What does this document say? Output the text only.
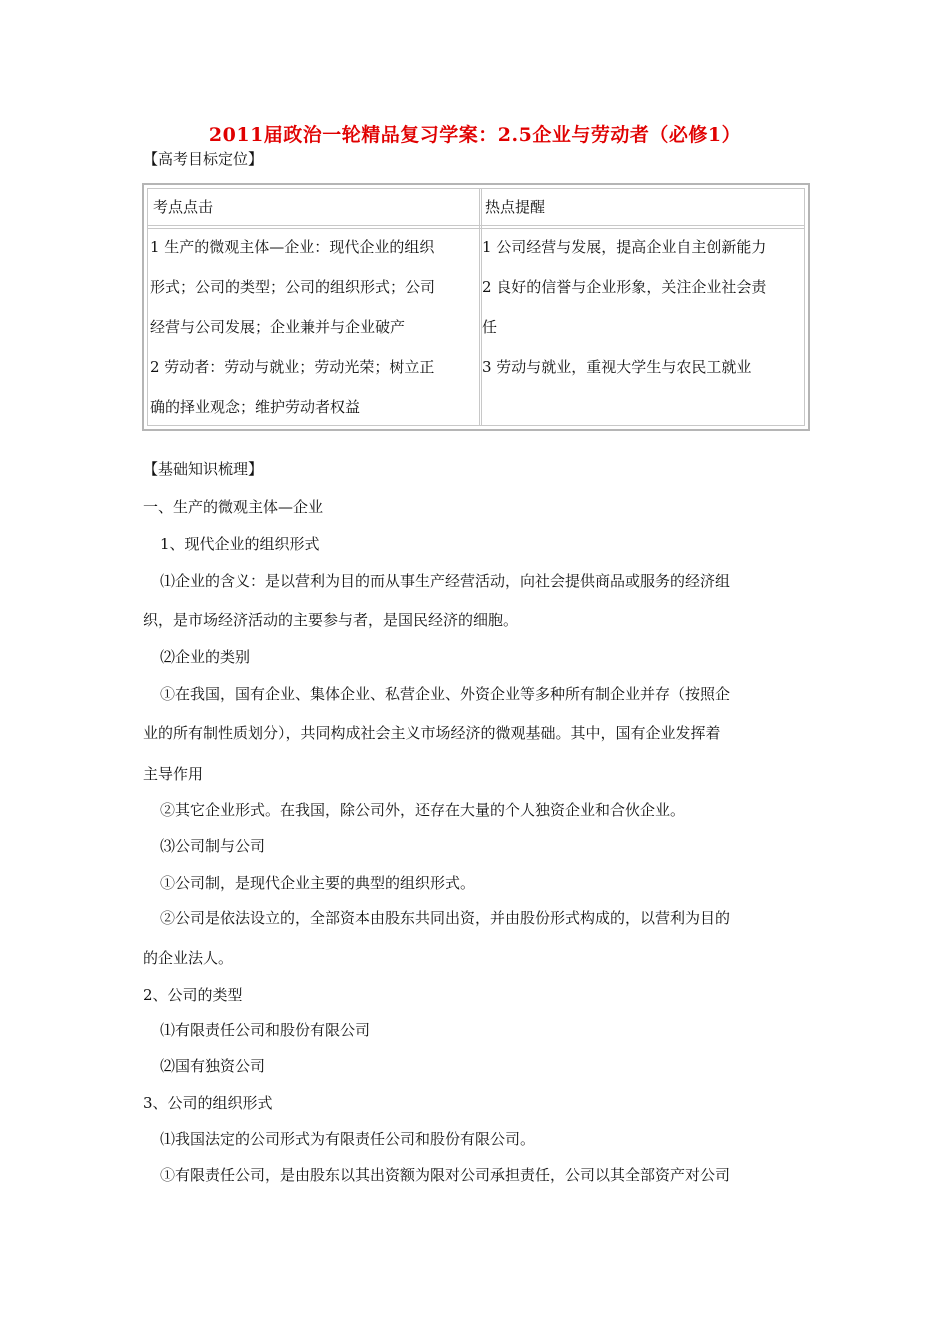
2011届政治一轮精品复习学案：2.5企业与劳动者（必修1）
【高考目标定位】
考点点击	热点提醒
1 生产的微观主体—企业：现代企业的组织
形式；公司的类型；公司的组织形式；公司
经营与公司发展；企业兼并与企业破产
2 劳动者：劳动与就业；劳动光荣；树立正
确的择业观念；维护劳动者权益
1 公司经营与发展，提高企业自主创新能力
2 良好的信誉与企业形象，关注企业社会责
任
3 劳动与就业，重视大学生与农民工就业
【基础知识梳理】
一、生产的微观主体—企业
1、现代企业的组织形式
⑴企业的含义：是以营利为目的而从事生产经营活动，向社会提供商品或服务的经济组
织，是市场经济活动的主要参与者，是国民经济的细胞。
⑵企业的类别
①在我国，国有企业、集体企业、私营企业、外资企业等多种所有制企业并存（按照企
业的所有制性质划分），共同构成社会主义市场经济的微观基础。其中，国有企业发挥着
主导作用
②其它企业形式。在我国，除公司外，还存在大量的个人独资企业和合伙企业。
⑶公司制与公司
①公司制，是现代企业主要的典型的组织形式。
②公司是依法设立的，全部资本由股东共同出资，并由股份形式构成的，以营利为目的
的企业法人。
2、公司的类型
⑴有限责任公司和股份有限公司
⑵国有独资公司
3、公司的组织形式
⑴我国法定的公司形式为有限责任公司和股份有限公司。
①有限责任公司，是由股东以其出资额为限对公司承担责任，公司以其全部资产对公司
